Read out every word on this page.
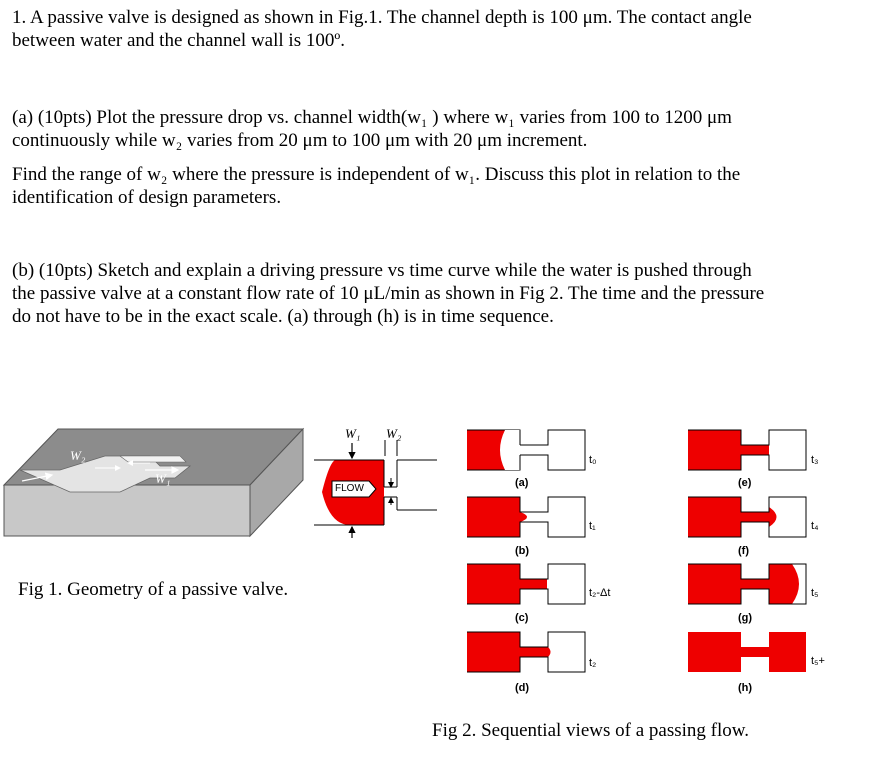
1. A passive valve is designed as shown in Fig.1. The channel depth is 100 μm. The contact angle

between water and the channel wall is 100º.

(a) (10pts) Plot the pressure drop vs. channel width(w₁ ) where w₁ varies from 100 to 1200 μm

continuously while w₂ varies from 20 μm to 100 μm with 20 μm increment.

Find the range of w₂ where the pressure is independent of w₁. Discuss this plot in relation to the

identification of design parameters.

(b) (10pts) Sketch and explain a driving pressure vs time curve while the water is pushed through

the passive valve at a constant flow rate of 10 μL/min as shown in Fig 2. The time and the pressure

do not have to be in the exact scale. (a) through (h) is in time sequence.

W₂
W₁
W₁ W₂
FLOW
Fig 1. Geometry of a passive valve.
(a)
t₀
(b)
t₁
(c)
t₂-Δt
(d)
t₂
(e)
t₃
(f)
t₄
(g)
t₅
(h)
t₅+
Fig 2. Sequential views of a passing flow.
